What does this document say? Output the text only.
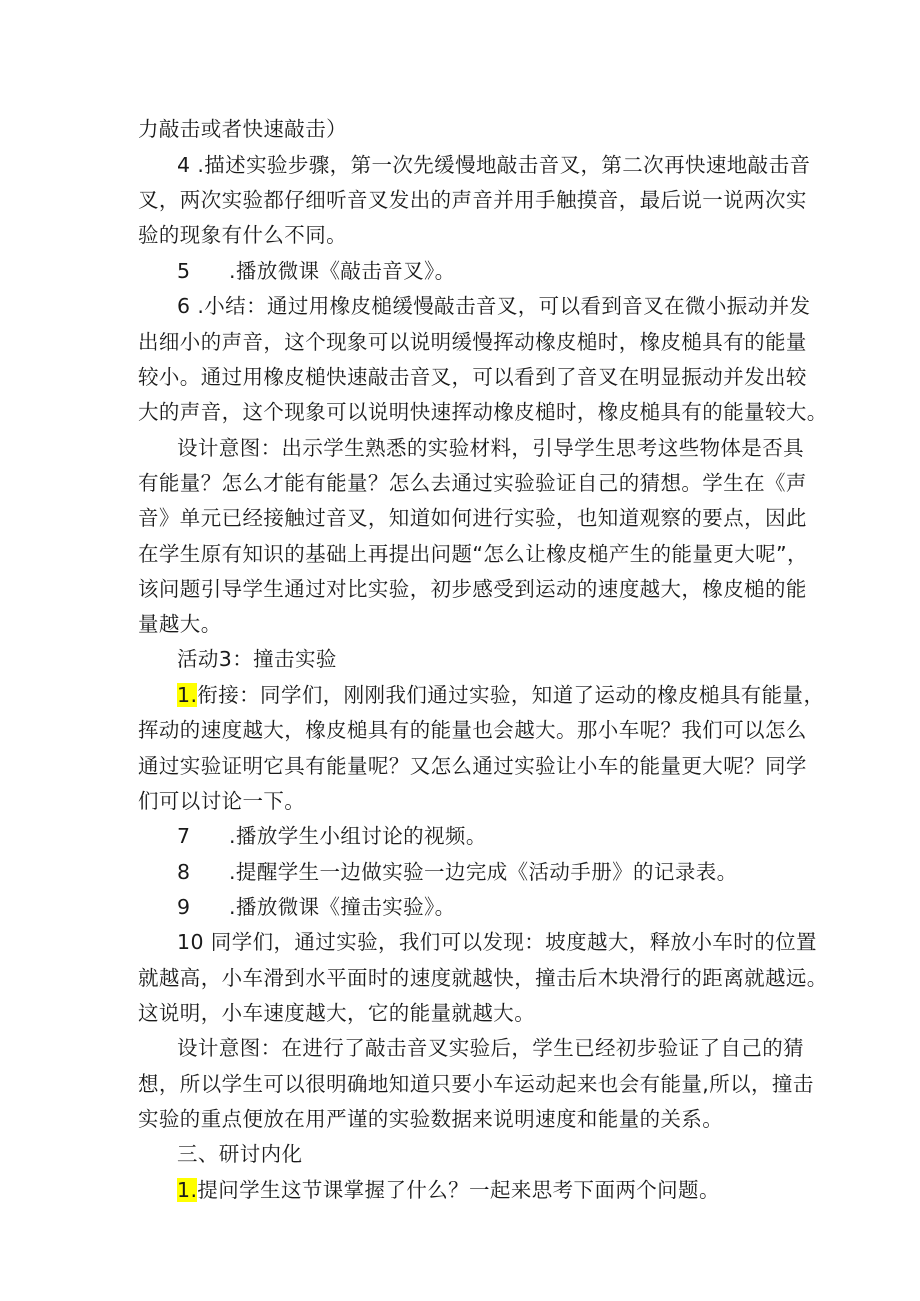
力敲击或者快速敲击）
4 .描述实验步骤，第一次先缓慢地敲击音叉，第二次再快速地敲击音
叉，两次实验都仔细听音叉发出的声音并用手触摸音，最后说一说两次实
验的现象有什么不同。
5 .播放微课《敲击音叉》。
6 .小结：通过用橡皮槌缓慢敲击音叉，可以看到音叉在微小振动并发
出细小的声音，这个现象可以说明缓慢挥动橡皮槌时，橡皮槌具有的能量
较小。通过用橡皮槌快速敲击音叉，可以看到了音叉在明显振动并发出较
大的声音，这个现象可以说明快速挥动橡皮槌时，橡皮槌具有的能量较大。
设计意图：出示学生熟悉的实验材料，引导学生思考这些物体是否具
有能量？怎么才能有能量？怎么去通过实验验证自己的猜想。学生在《声
音》单元已经接触过音叉，知道如何进行实验，也知道观察的要点，因此
在学生原有知识的基础上再提出问题“怎么让橡皮槌产生的能量更大呢”，
该问题引导学生通过对比实验，初步感受到运动的速度越大，橡皮槌的能
量越大。
活动3：撞击实验
1.衔接：同学们，刚刚我们通过实验，知道了运动的橡皮槌具有能量，
挥动的速度越大，橡皮槌具有的能量也会越大。那小车呢？我们可以怎么
通过实验证明它具有能量呢？又怎么通过实验让小车的能量更大呢？同学
们可以讨论一下。
7 .播放学生小组讨论的视频。
8 .提醒学生一边做实验一边完成《活动手册》的记录表。
9 .播放微课《撞击实验》。
10 同学们，通过实验，我们可以发现：坡度越大，释放小车时的位置
就越高，小车滑到水平面时的速度就越快，撞击后木块滑行的距离就越远。
这说明，小车速度越大，它的能量就越大。
设计意图：在进行了敲击音叉实验后，学生已经初步验证了自己的猜
想，所以学生可以很明确地知道只要小车运动起来也会有能量,所以，撞击
实验的重点便放在用严谨的实验数据来说明速度和能量的关系。
三、研讨内化
1.提问学生这节课掌握了什么？一起来思考下面两个问题。
